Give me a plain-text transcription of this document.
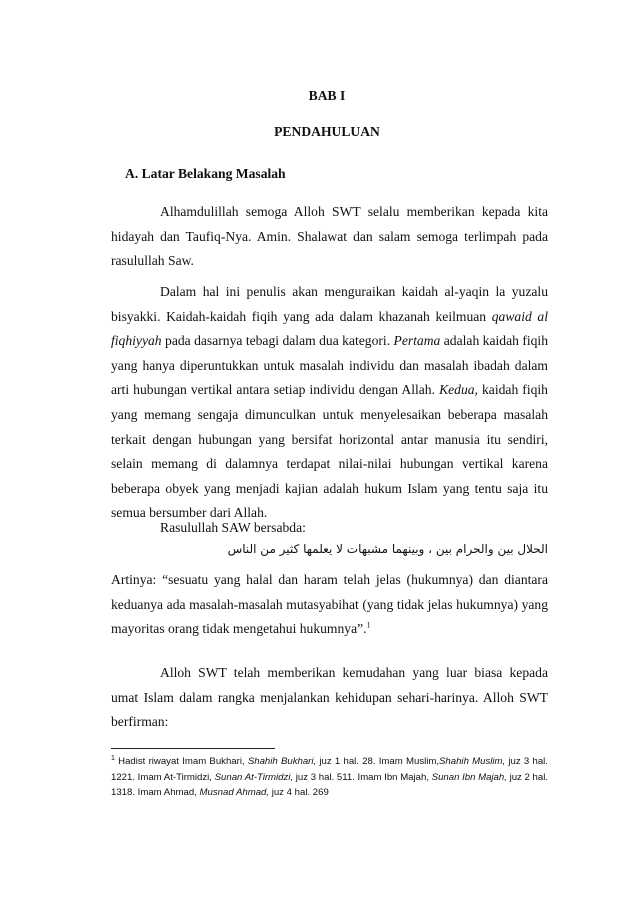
BAB I
PENDAHULUAN
A. Latar Belakang Masalah

Alhamdulillah semoga Alloh SWT selalu memberikan kepada kita hidayah dan Taufiq-Nya. Amin. Shalawat dan salam semoga terlimpah pada rasulullah Saw.

Dalam hal ini penulis akan menguraikan kaidah al-yaqin la yuzalu bisyakki. Kaidah-kaidah fiqih yang ada dalam khazanah keilmuan qawaid al fiqhiyyah pada dasarnya tebagi dalam dua kategori. Pertama adalah kaidah fiqih yang hanya diperuntukkan untuk masalah individu dan masalah ibadah dalam arti hubungan vertikal antara setiap individu dengan Allah. Kedua, kaidah fiqih yang memang sengaja dimunculkan untuk menyelesaikan beberapa masalah terkait dengan hubungan yang bersifat horizontal antar manusia itu sendiri, selain memang di dalamnya terdapat nilai-nilai hubungan vertikal karena beberapa obyek yang menjadi kajian adalah hukum Islam yang tentu saja itu semua bersumber dari Allah.

Rasulullah SAW bersabda:

الحلال بين والحرام بين ، وبينهما مشبهات لا يعلمها كثير من الناس

Artinya: “sesuatu yang halal dan haram telah jelas (hukumnya) dan diantara keduanya ada masalah-masalah mutasyabihat (yang tidak jelas hukumnya) yang mayoritas orang tidak mengetahui hukumnya”.$^1$

Alloh SWT telah memberikan kemudahan yang luar biasa kepada umat Islam dalam rangka menjalankan kehidupan sehari-harinya. Alloh SWT berfirman:

$^1$ Hadist riwayat Imam Bukhari, Shahih Bukhari, juz 1 hal. 28. Imam Muslim,Shahih Muslim, juz 3 hal. 1221. Imam At-Tirmidzi, Sunan At-Tirmidzi, juz 3 hal. 511. Imam Ibn Majah, Sunan Ibn Majah, juz 2 hal. 1318. Imam Ahmad, Musnad Ahmad, juz 4 hal. 269
